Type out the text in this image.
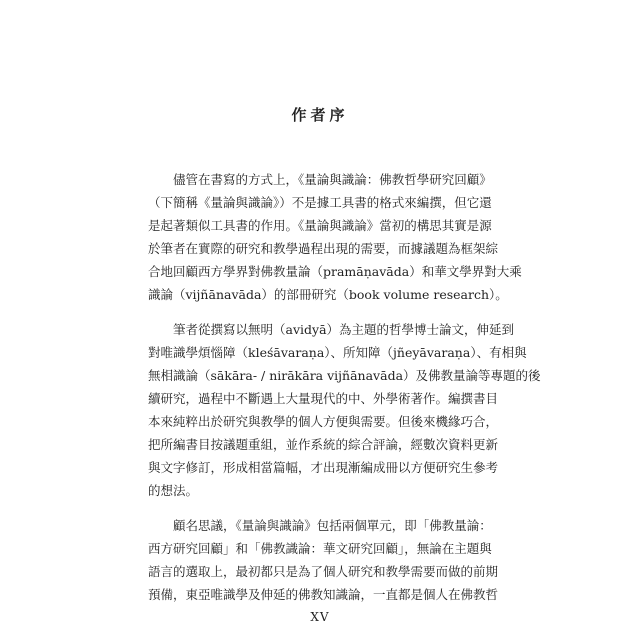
作者序

　　儘管在書寫的方式上，《量論與識論：佛教哲學研究回顧》
（下簡稱《量論與識論》）不是據工具書的格式來編撰，但它還
是起著類似工具書的作用。《量論與識論》當初的構思其實是源
於筆者在實際的研究和教學過程出現的需要，而據議題為框架綜
合地回顧西方學界對佛教量論（pramāṇavāda）和華文學界對大乘
識論（vijñānavāda）的部冊研究（book volume research）。

　　筆者從撰寫以無明（avidyā）為主題的哲學博士論文，伸延到
對唯識學煩惱障（kleśāvaraṇa）、所知障（jñeyāvaraṇa）、有相與
無相識論（sākāra- / nirākāra vijñānavāda）及佛教量論等專題的後
續研究，過程中不斷遇上大量現代的中、外學術著作。編撰書目
本來純粹出於研究與教學的個人方便與需要。但後來機緣巧合，
把所編書目按議題重組，並作系統的綜合評論，經數次資料更新
與文字修訂，形成相當篇幅，才出現漸編成冊以方便研究生參考
的想法。

　　顧名思議，《量論與識論》包括兩個單元，即「佛教量論：
西方研究回顧」和「佛教識論：華文研究回顧」，無論在主題與
語言的選取上，最初都只是為了個人研究和教學需要而做的前期
預備，東亞唯識學及伸延的佛教知識論，一直都是個人在佛教哲

XV
